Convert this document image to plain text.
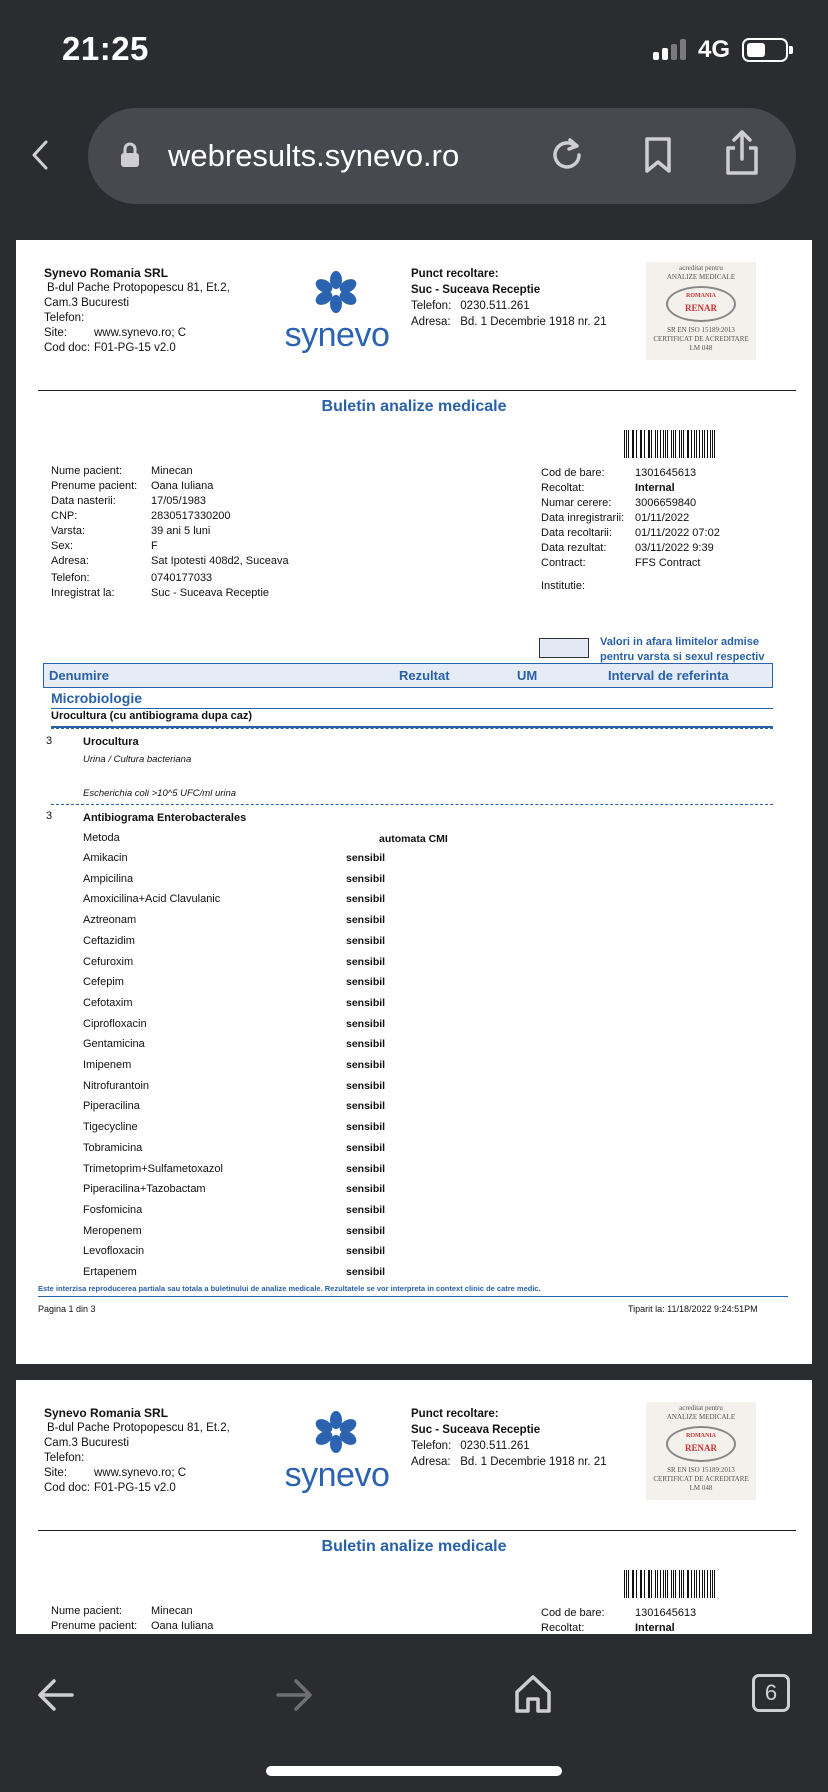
21:25	4G
webresults.synevo.ro
Synevo Romania SRL
B-dul Pache Protopopescu 81, Et.2,
Cam.3 Bucuresti
Telefon:
Site:	www.synevo.ro; C
Cod doc: F01-PG-15 v2.0	synevo
Punct recoltare:
Suc - Suceava Receptie
Telefon: 0230.511.261
Adresa: Bd. 1 Decembrie 1918 nr. 21
acreditat pentru
ANALIZE MEDICALE
ROMANIA
RENAR
SR EN ISO 15189:2013
CERTIFICAT DE ACREDITARE
LM 048
Buletin analize medicale
Nume pacient:	Minecan
Prenume pacient:	Oana Iuliana
Data nasterii:	17/05/1983
CNP:	2830517330200
Varsta:	39 ani 5 luni
Sex:	F
Adresa:	Sat Ipotesti 408d2, Suceava
Telefon:	0740177033
Inregistrat la:	Suc - Suceava Receptie
Cod de bare:	1301645613
Recoltat:	Internal
Numar cerere:	3006659840
Data inregistrarii: 01/11/2022
Data recoltarii:	01/11/2022 07:02
Data rezultat:	03/11/2022 9:39
Contract:	FFS Contract
Institutie:
Valori in afara limitelor admise
pentru varsta si sexul respectiv
Denumire	Rezultat	UM	Interval de referinta
Microbiologie
Urocultura (cu antibiograma dupa caz)
3	Urocultura
Urina / Cultura bacteriana
Escherichia coli >10^5 UFC/ml urina
3	Antibiograma Enterobacterales
Metoda	automata CMI
Amikacin	sensibil
Ampicilina	sensibil
Amoxicilina+Acid Clavulanic	sensibil
Aztreonam	sensibil
Ceftazidim	sensibil
Cefuroxim	sensibil
Cefepim	sensibil
Cefotaxim	sensibil
Ciprofloxacin	sensibil
Gentamicina	sensibil
Imipenem	sensibil
Nitrofurantoin	sensibil
Piperacilina	sensibil
Tigecycline	sensibil
Tobramicina	sensibil
Trimetoprim+Sulfametoxazol	sensibil
Piperacilina+Tazobactam	sensibil
Fosfomicina	sensibil
Meropenem	sensibil
Levofloxacin	sensibil
Ertapenem	sensibil
Este interzisa reproducerea partiala sau totala a buletinului de analize medicale. Rezultatele se vor interpreta in context clinic de catre medic.
Pagina 1 din 3	Tiparit la: 11/18/2022 9:24:51PM
Synevo Romania SRL
B-dul Pache Protopopescu 81, Et.2,
Cam.3 Bucuresti
Telefon:
Site:	www.synevo.ro; C
Cod doc: F01-PG-15 v2.0	synevo
Punct recoltare:
Suc - Suceava Receptie
Telefon: 0230.511.261
Adresa: Bd. 1 Decembrie 1918 nr. 21
acreditat pentru
ANALIZE MEDICALE
ROMANIA
RENAR
SR EN ISO 15189:2013
CERTIFICAT DE ACREDITARE
LM 048
Buletin analize medicale
Nume pacient:	Minecan
Prenume pacient:	Oana Iuliana
Cod de bare:	1301645613
Recoltat:	Internal
6
